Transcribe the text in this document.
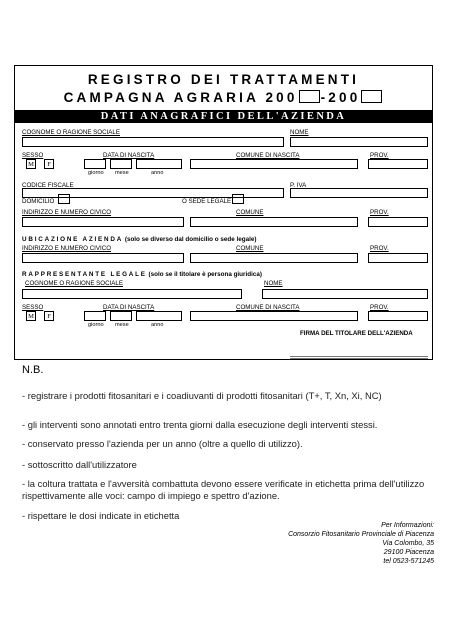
REGISTRO DEI TRATTAMENTI
CAMPAGNA AGRARIA 200 -200
DATI ANAGRAFICI DELL'AZIENDA
COGNOME O RAGIONE SOCIALE	NOME
SESSO	DATA DI NASCITA	COMUNE DI NASCITA	PROV.
M	F
giorno mese	anno
CODICE FISCALE	P. IVA
DOMICILIO	O SEDE LEGALE
INDIRIZZO E NUMERO CIVICO	COMUNE	PROV.
UBICAZIONE AZIENDA (solo se diverso dal domicilio o sede legale)
INDIRIZZO E NUMERO CIVICO	COMUNE	PROV.
RAPPRESENTANTE LEGALE (solo se il titolare è persona giuridica)
COGNOME O RAGIONE SOCIALE	NOME
SESSO	DATA DI NASCITA	COMUNE DI NASCITA	PROV.
M	F
giorno mese	anno
FIRMA DEL TITOLARE DELL'AZIENDA
N.B.
- registrare i prodotti fitosanitari e i coadiuvanti di prodotti fitosanitari (T+, T, Xn, Xi, NC)
- gli interventi sono annotati entro trenta giorni dalla esecuzione degli interventi stessi.
- conservato presso l'azienda per un anno (oltre a quello di utilizzo).
- sottoscritto dall'utilizzatore
- la coltura trattata e l'avversità combattuta devono essere verificate in etichetta prima dell'utilizzo rispettivamente alle voci: campo di impiego e spettro d'azione.
- rispettare le dosi indicate in etichetta
Per Informazioni:
Consorzio Fitosanitario Provinciale di Piacenza
Via Colombo, 35
29100 Piacenza
tel 0523-571245
